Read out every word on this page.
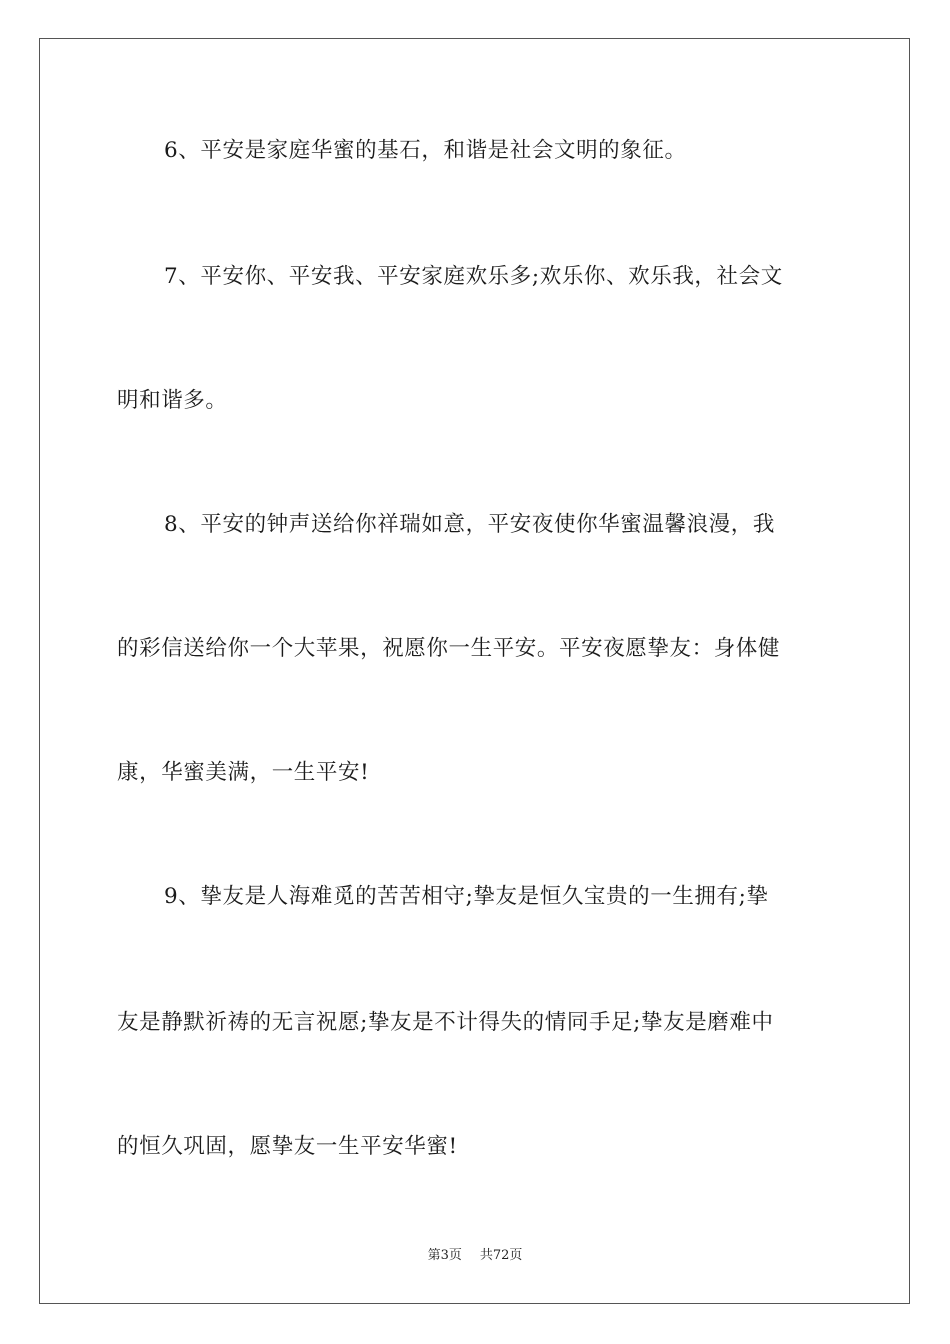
6、平安是家庭华蜜的基石，和谐是社会文明的象征。
7、平安你、平安我、平安家庭欢乐多;欢乐你、欢乐我，社会文
明和谐多。
8、平安的钟声送给你祥瑞如意，平安夜使你华蜜温馨浪漫，我
的彩信送给你一个大苹果，祝愿你一生平安。平安夜愿挚友：身体健
康，华蜜美满，一生平安!
9、挚友是人海难觅的苦苦相守;挚友是恒久宝贵的一生拥有;挚
友是静默祈祷的无言祝愿;挚友是不计得失的情同手足;挚友是磨难中
的恒久巩固，愿挚友一生平安华蜜!
第3页 共72页
